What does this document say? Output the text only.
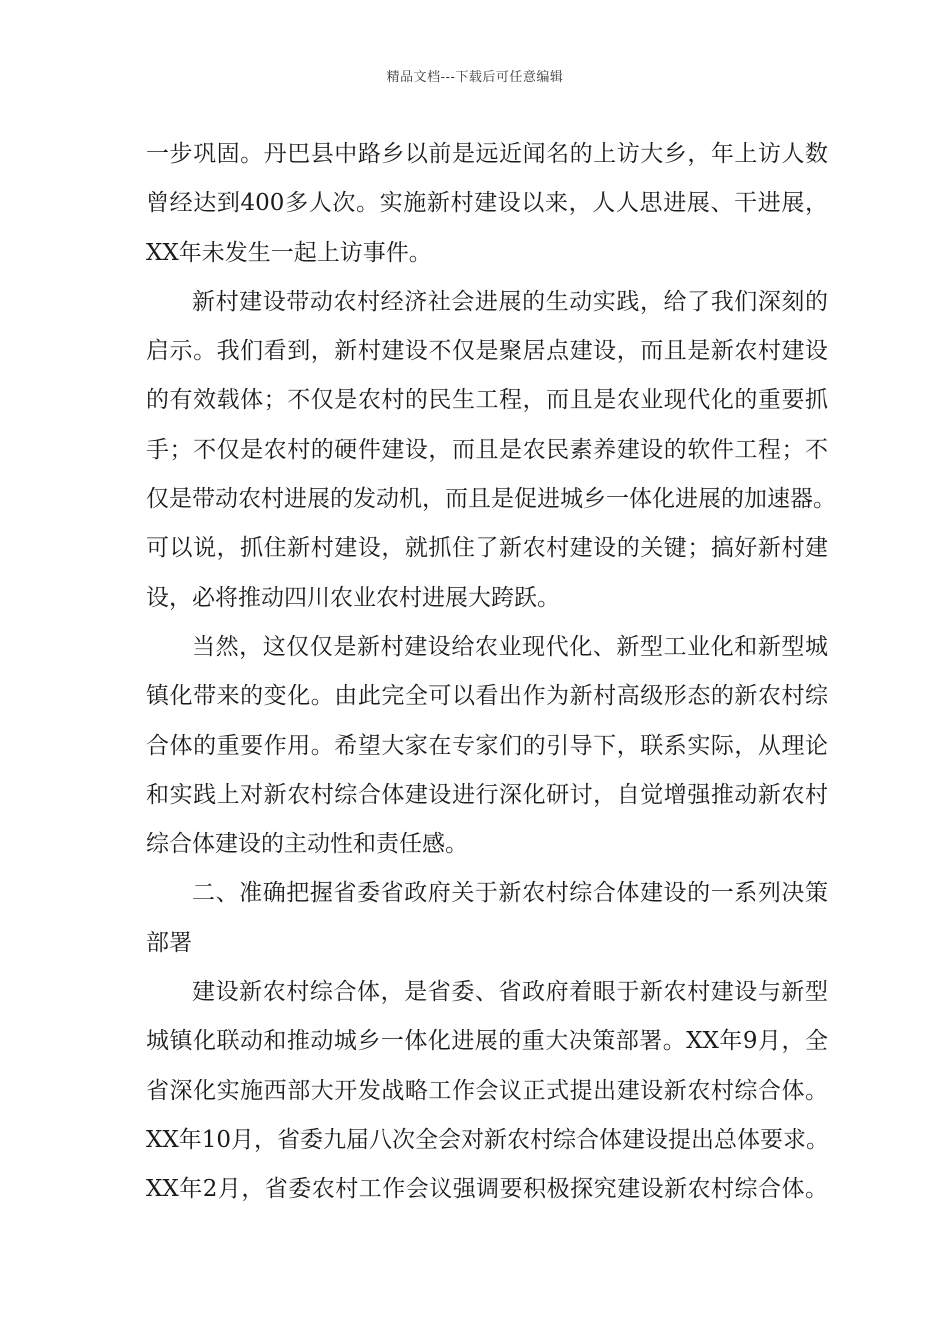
精品文档---下载后可任意编辑
一步巩固。丹巴县中路乡以前是远近闻名的上访大乡，年上访人数
曾经达到400多人次。实施新村建设以来，人人思进展、干进展，
XX年未发生一起上访事件。
新村建设带动农村经济社会进展的生动实践，给了我们深刻的
启示。我们看到，新村建设不仅是聚居点建设，而且是新农村建设
的有效载体；不仅是农村的民生工程，而且是农业现代化的重要抓
手；不仅是农村的硬件建设，而且是农民素养建设的软件工程；不
仅是带动农村进展的发动机，而且是促进城乡一体化进展的加速器。
可以说，抓住新村建设，就抓住了新农村建设的关键；搞好新村建
设，必将推动四川农业农村进展大跨跃。
当然，这仅仅是新村建设给农业现代化、新型工业化和新型城
镇化带来的变化。由此完全可以看出作为新村高级形态的新农村综
合体的重要作用。希望大家在专家们的引导下，联系实际，从理论
和实践上对新农村综合体建设进行深化研讨，自觉增强推动新农村
综合体建设的主动性和责任感。
二、准确把握省委省政府关于新农村综合体建设的一系列决策
部署
建设新农村综合体，是省委、省政府着眼于新农村建设与新型
城镇化联动和推动城乡一体化进展的重大决策部署。XX年9月，全
省深化实施西部大开发战略工作会议正式提出建设新农村综合体。
XX年10月，省委九届八次全会对新农村综合体建设提出总体要求。
XX年2月，省委农村工作会议强调要积极探究建设新农村综合体。
